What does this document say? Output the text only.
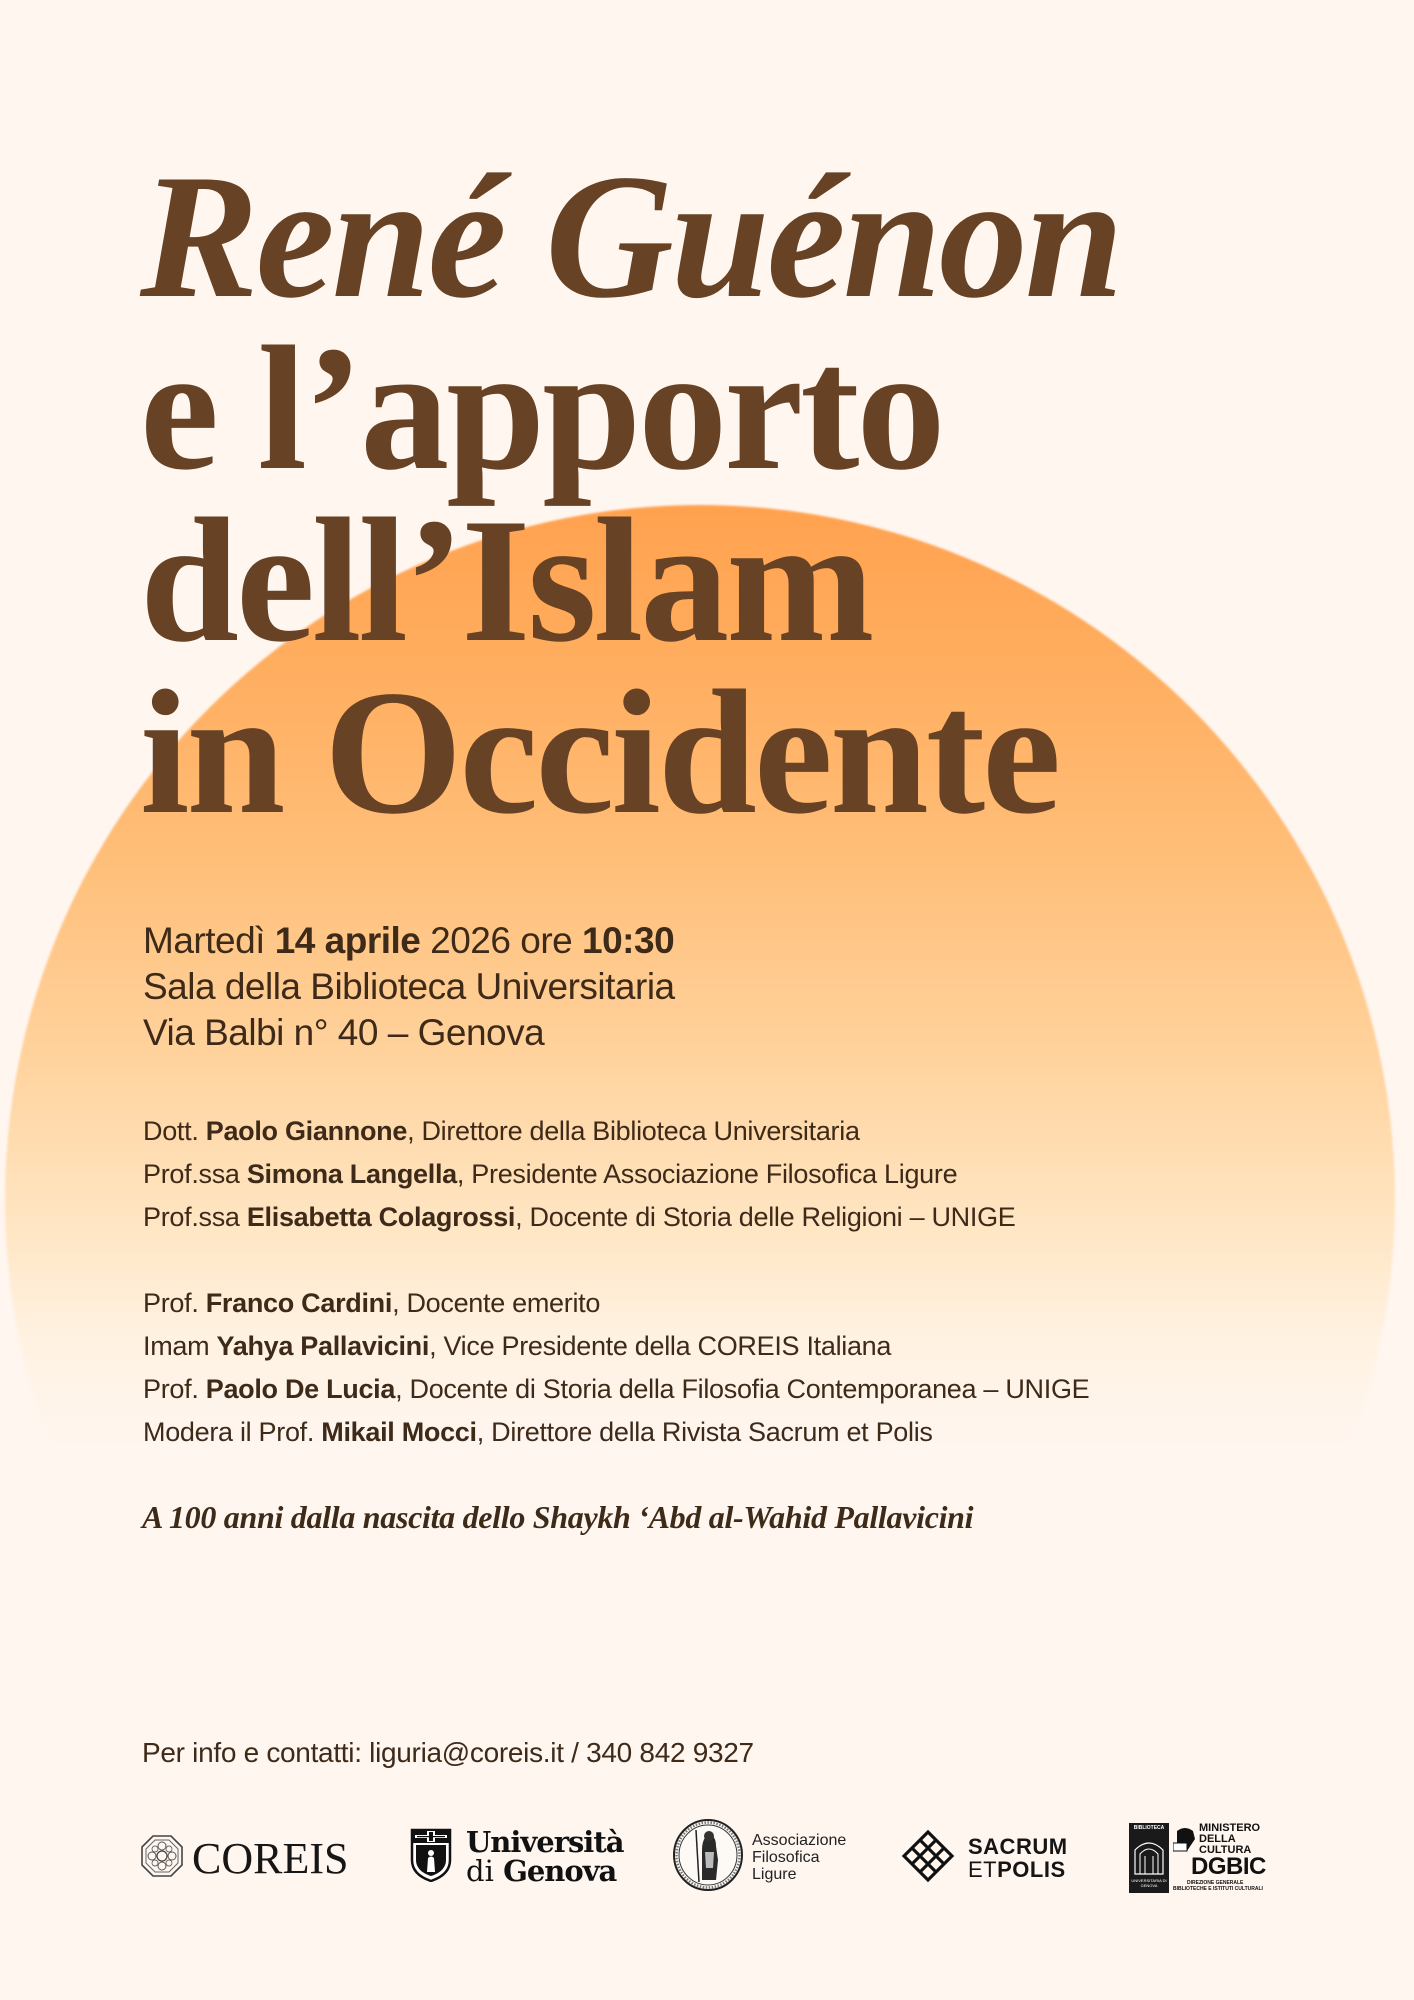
René Guénon
e l’apporto
dell’Islam
in Occidente
Martedì 14 aprile 2026 ore 10:30
Sala della Biblioteca Universitaria
Via Balbi n° 40 – Genova
Dott. Paolo Giannone, Direttore della Biblioteca Universitaria
Prof.ssa Simona Langella, Presidente Associazione Filosofica Ligure
Prof.ssa Elisabetta Colagrossi, Docente di Storia delle Religioni – UNIGE
Prof. Franco Cardini, Docente emerito
Imam Yahya Pallavicini, Vice Presidente della COREIS Italiana
Prof. Paolo De Lucia, Docente di Storia della Filosofia Contemporanea – UNIGE
Modera il Prof. Mikail Mocci, Direttore della Rivista Sacrum et Polis
A 100 anni dalla nascita dello Shaykh ‘Abd al-Wahid Pallavicini
Per info e contatti: liguria@coreis.it / 340 842 9327
COREIS	Università
di Genova
Associazione
Filosofica
Ligure
SACRUM
ETPOLIS
BIBLIOTECA
UNIVERSITARIA DI GENOVA
MINISTERO
DELLA
CULTURA
DGBIC
DIREZIONE GENERALE
BIBLIOTECHE E ISTITUTI CULTURALI
